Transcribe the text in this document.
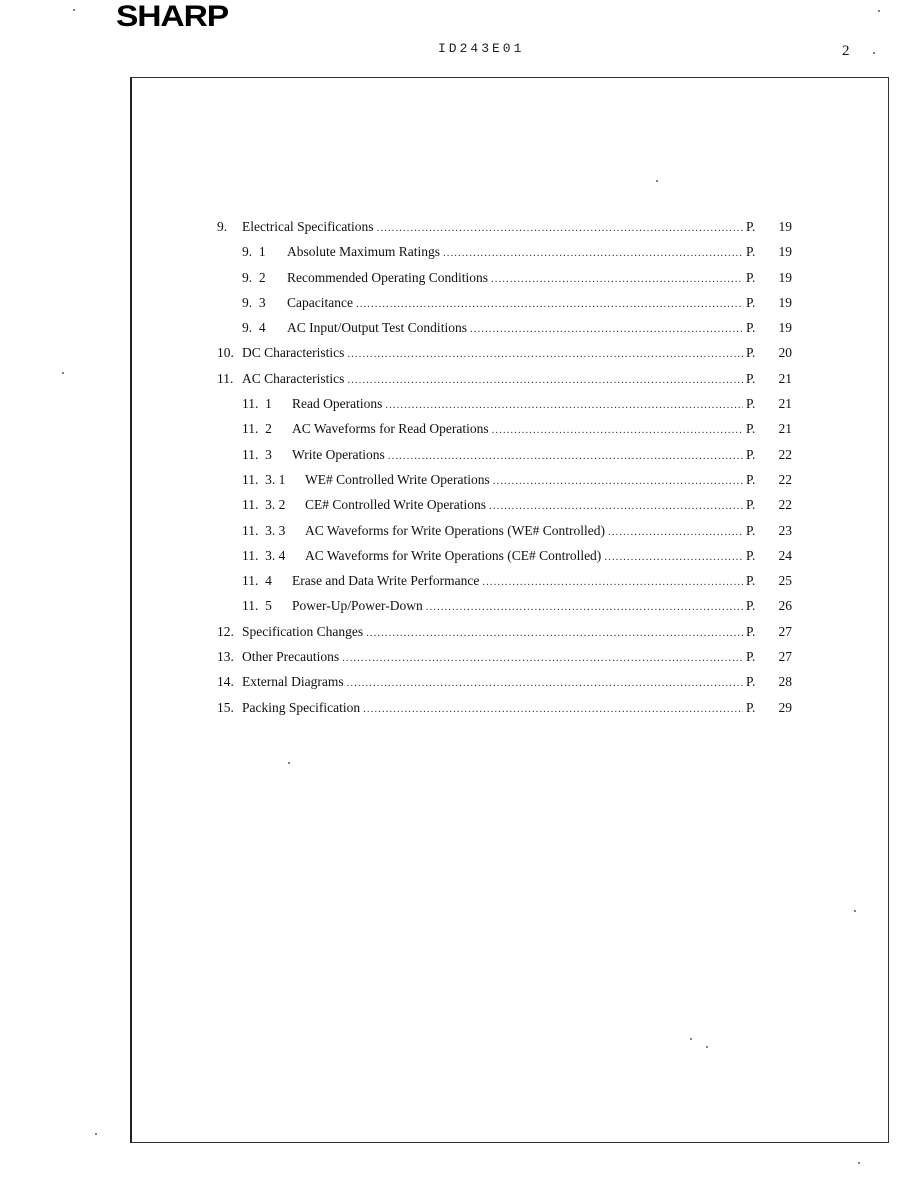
SHARP
ID243E01	2
9.	Electrical Specifications .....	P.	19
9.  1	Absolute Maximum Ratings .....	P.	19
9.  2	Recommended Operating Conditions .....	P.	19
9.  3	Capacitance .....	P.	19
9.  4	AC Input/Output Test Conditions .....	P.	19
10. DC Characteristics .....	P.	20
11. AC Characteristics .....	P.	21
11.  1	Read Operations .....	P.	21
11.  2	AC Waveforms for Read Operations .....	P.	21
11.  3	Write Operations .....	P.	22
11.  3. 1	WE# Controlled Write Operations .....	P.	22
11.  3. 2	CE# Controlled Write Operations .....	P.	22
11.  3. 3	AC Waveforms for Write Operations (WE# Controlled) .....	P.	23
11.  3. 4	AC Waveforms for Write Operations (CE# Controlled) .....	P.	24
11.  4	Erase and Data Write Performance .....	P.	25
11.  5	Power-Up/Power-Down .....	P.	26
12. Specification Changes .....	P.	27
13. Other Precautions .....	P.	27
14. External Diagrams .....	P.	28
15. Packing Specification .....	P.	29
